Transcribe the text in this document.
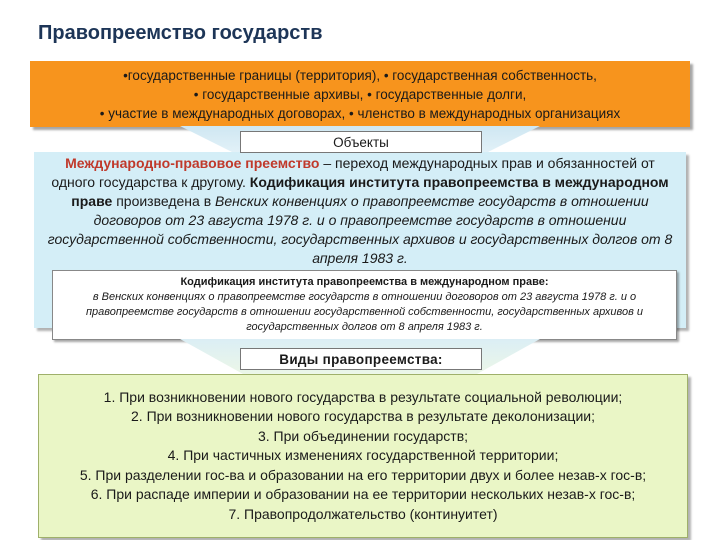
Правопреемство государств
•государственные границы (территория), • государственная собственность,
• государственные архивы, • государственные долги,
• участие в международных договорах, • членство в международных организациях
Международно-правовое преемство – переход международных прав и обязанностей от одного государства к другому. Кодификация института правопреемства в международном праве произведена в Венских конвенциях о правопреемстве государств в отношении договоров от 23 августа 1978 г. и о правопреемстве государств в отношении государственной собственности, государственных архивов и государственных долгов от 8 апреля 1983 г.
Объекты
Кодификация института правопреемства в международном праве:
в Венских конвенциях о правопреемстве государств в отношении договоров от 23 августа 1978 г. и о правопреемстве государств в отношении государственной собственности, государственных архивов и государственных долгов от 8 апреля 1983 г.
1. При возникновении нового государства в результате социальной революции;
2. При возникновении нового государства в результате деколонизации;
3. При объединении государств;
4. При частичных изменениях государственной территории;
5. При разделении гос-ва и образовании на его территории двух и более незав-х гос-в;
6. При распаде империи и образовании на ее территории нескольких незав-х гос-в;
7. Правопродолжательство (континуитет)
Виды правопреемства:
